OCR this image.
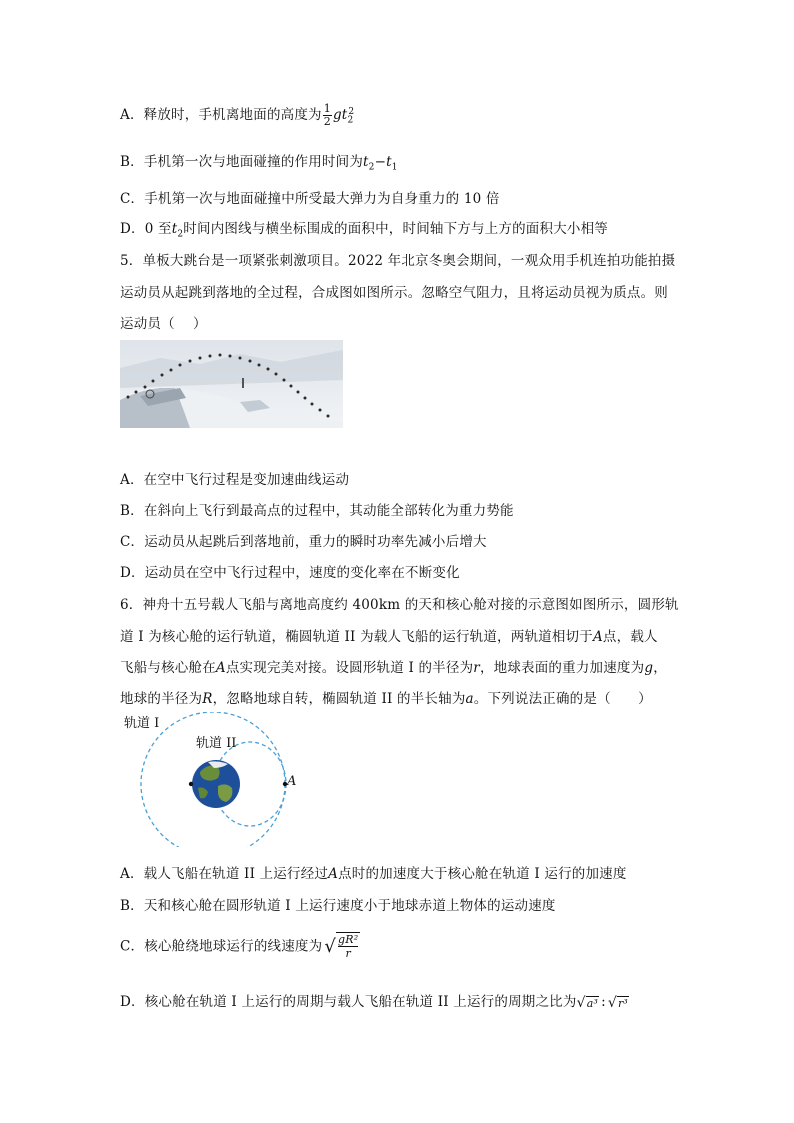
A．释放时，手机离地面的高度为 $\frac{1}{2} gt_2^2$
B．手机第一次与地面碰撞的作用时间为$t_2-t_1$
C．手机第一次与地面碰撞中所受最大弹力为自身重力的 10 倍
D．0 至$t_2$时间内图线与横坐标围成的面积中，时间轴下方与上方的面积大小相等
5．单板大跳台是一项紧张刺激项目。2022 年北京冬奥会期间，一观众用手机连拍功能拍摄
运动员从起跳到落地的全过程，合成图如图所示。忽略空气阻力，且将运动员视为质点。则
运动员（　 ）
A．在空中飞行过程是变加速曲线运动
B．在斜向上飞行到最高点的过程中，其动能全部转化为重力势能
C．运动员从起跳后到落地前，重力的瞬时功率先减小后增大
D．运动员在空中飞行过程中，速度的变化率在不断变化
6．神舟十五号载人飞船与离地高度约 400km 的天和核心舱对接的示意图如图所示，圆形轨
道 I 为核心舱的运行轨道，椭圆轨道 II 为载人飞船的运行轨道，两轨道相切于A点，载人
飞船与核心舱在A点实现完美对接。设圆形轨道 I 的半径为r，地球表面的重力加速度为g，
地球的半径为R，忽略地球自转，椭圆轨道 II 的半长轴为a。下列说法正确的是（　　）
轨道 I
轨道 II
A
A．载人飞船在轨道 II 上运行经过A点时的加速度大于核心舱在轨道 I 运行的加速度
B．天和核心舱在圆形轨道 I 上运行速度小于地球赤道上物体的运动速度
C．核心舱绕地球运行的线速度为 √ gR²
r
D．核心舱在轨道 I 上运行的周期与载人飞船在轨道 II 上运行的周期之比为 √ a³ : √ r³
